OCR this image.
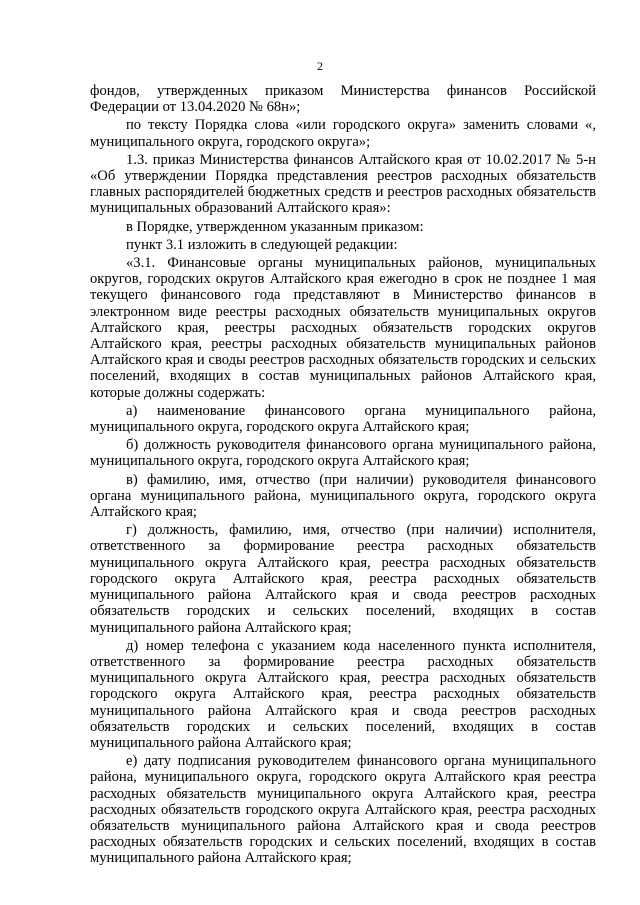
2

фондов, утвержденных приказом Министерства финансов Российской Федерации от 13.04.2020 № 68н»;

по тексту Порядка слова «или городского округа» заменить словами «, муниципального округа, городского округа»;

1.3. приказ Министерства финансов Алтайского края от 10.02.2017 № 5-н «Об утверждении Порядка представления реестров расходных обязательств главных распорядителей бюджетных средств и реестров расходных обязательств муниципальных образований Алтайского края»:

в Порядке, утвержденном указанным приказом:

пункт 3.1 изложить в следующей редакции:

«3.1. Финансовые органы муниципальных районов, муниципальных округов, городских округов Алтайского края ежегодно в срок не позднее 1 мая текущего финансового года представляют в Министерство финансов в электронном виде реестры расходных обязательств муниципальных округов Алтайского края, реестры расходных обязательств городских округов Алтайского края, реестры расходных обязательств муниципальных районов Алтайского края и своды реестров расходных обязательств городских и сельских поселений, входящих в состав муниципальных районов Алтайского края, которые должны содержать:

а) наименование финансового органа муниципального района, муниципального округа, городского округа Алтайского края;

б) должность руководителя финансового органа муниципального района, муниципального округа, городского округа Алтайского края;

в) фамилию, имя, отчество (при наличии) руководителя финансового органа муниципального района, муниципального округа, городского округа Алтайского края;

г) должность, фамилию, имя, отчество (при наличии) исполнителя, ответственного за формирование реестра расходных обязательств муниципального округа Алтайского края, реестра расходных обязательств городского округа Алтайского края, реестра расходных обязательств муниципального района Алтайского края и свода реестров расходных обязательств городских и сельских поселений, входящих в состав муниципального района Алтайского края;

д) номер телефона с указанием кода населенного пункта исполнителя, ответственного за формирование реестра расходных обязательств муниципального округа Алтайского края, реестра расходных обязательств городского округа Алтайского края, реестра расходных обязательств муниципального района Алтайского края и свода реестров расходных обязательств городских и сельских поселений, входящих в состав муниципального района Алтайского края;

е) дату подписания руководителем финансового органа муниципального района, муниципального округа, городского округа Алтайского края реестра расходных обязательств муниципального округа Алтайского края, реестра расходных обязательств городского округа Алтайского края, реестра расходных обязательств муниципального района Алтайского края и свода реестров расходных обязательств городских и сельских поселений, входящих в состав муниципального района Алтайского края;
